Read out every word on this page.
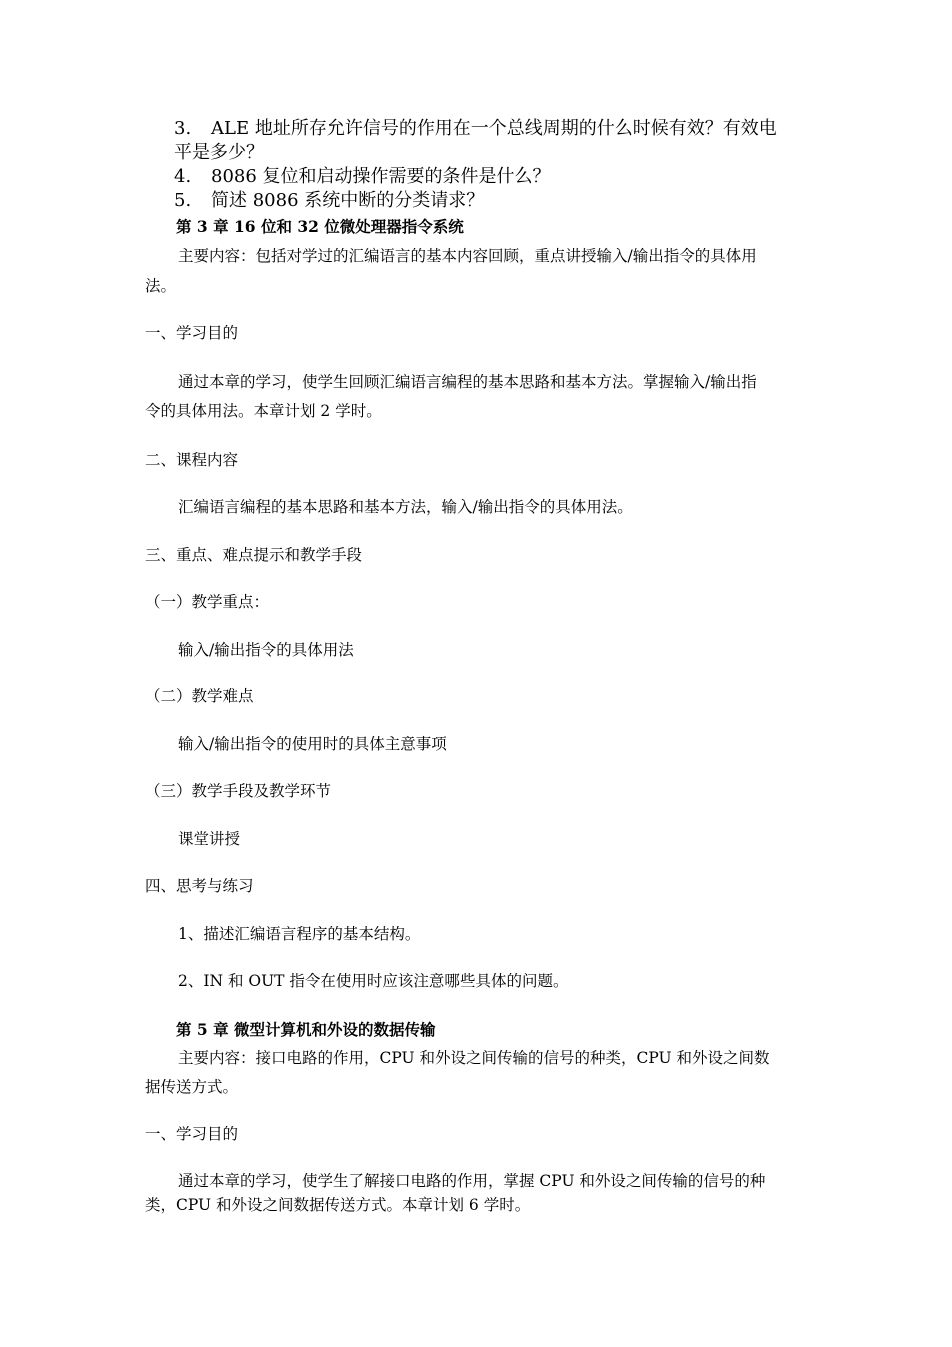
3. ALE 地址所存允许信号的作用在一个总线周期的什么时候有效？有效电
平是多少？
4. 8086 复位和启动操作需要的条件是什么？
5. 简述 8086 系统中断的分类请求？
第 3 章 16 位和 32 位微处理器指令系统
主要内容：包括对学过的汇编语言的基本内容回顾，重点讲授输入/输出指令的具体用
法。
一、学习目的
通过本章的学习，使学生回顾汇编语言编程的基本思路和基本方法。掌握输入/输出指
令的具体用法。本章计划 2 学时。
二、课程内容
汇编语言编程的基本思路和基本方法，输入/输出指令的具体用法。
三、重点、难点提示和教学手段
（一）教学重点：
输入/输出指令的具体用法
（二）教学难点
输入/输出指令的使用时的具体主意事项
（三）教学手段及教学环节
课堂讲授
四、思考与练习
1、描述汇编语言程序的基本结构。
2、IN 和 OUT 指令在使用时应该注意哪些具体的问题。
第 5 章 微型计算机和外设的数据传输
主要内容：接口电路的作用，CPU 和外设之间传输的信号的种类，CPU 和外设之间数
据传送方式。
一、学习目的
通过本章的学习，使学生了解接口电路的作用，掌握 CPU 和外设之间传输的信号的种
类，CPU 和外设之间数据传送方式。本章计划 6 学时。
